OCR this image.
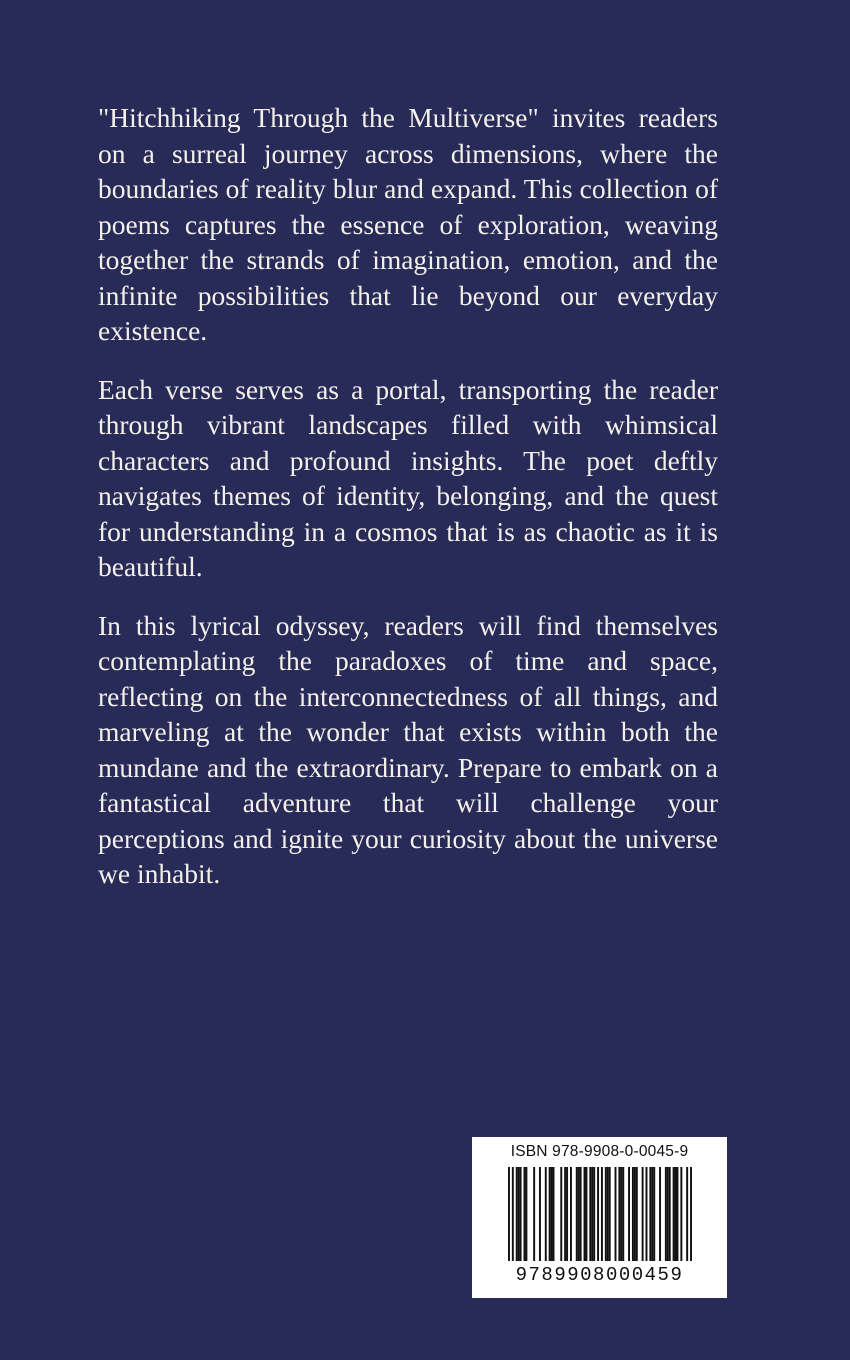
"Hitchhiking Through the Multiverse" invites readers on a surreal journey across dimensions, where the boundaries of reality blur and expand. This collection of poems captures the essence of exploration, weaving together the strands of imagination, emotion, and the infinite possibilities that lie beyond our everyday existence.

Each verse serves as a portal, transporting the reader through vibrant landscapes filled with whimsical characters and profound insights. The poet deftly navigates themes of identity, belonging, and the quest for understanding in a cosmos that is as chaotic as it is beautiful.

In this lyrical odyssey, readers will find themselves contemplating the paradoxes of time and space, reflecting on the interconnectedness of all things, and marveling at the wonder that exists within both the mundane and the extraordinary. Prepare to embark on a fantastical adventure that will challenge your perceptions and ignite your curiosity about the universe we inhabit.

ISBN 978-9908-0-0045-9
9789908000459
